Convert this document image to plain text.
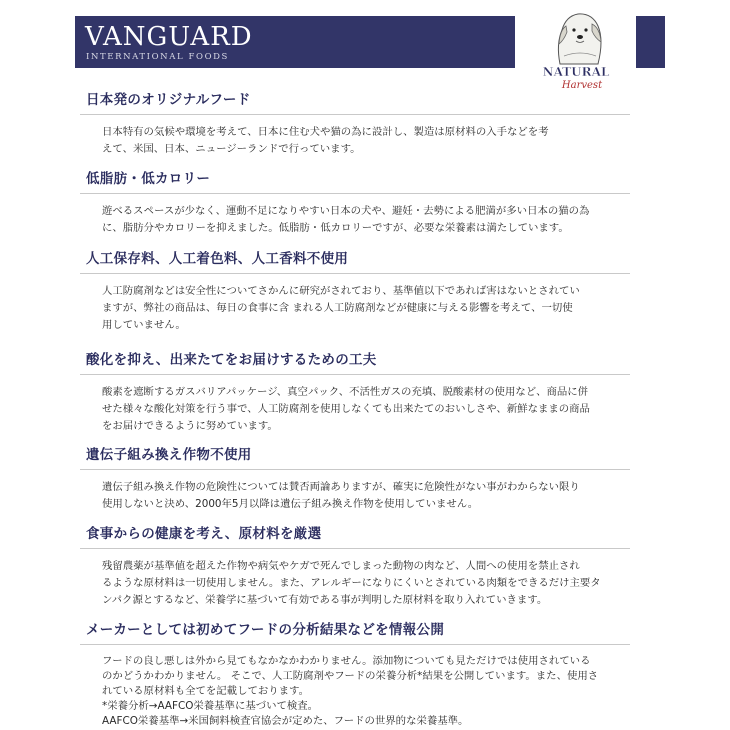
VANGUARD
INTERNATIONAL FOODS
NATURAL
Harvest
日本発のオリジナルフード
日本特有の気候や環境を考えて、日本に住む犬や猫の為に設計し、製造は原材料の入手などを考
えて、米国、日本、ニュージーランドで行っています。
低脂肪・低カロリー
遊べるスペースが少なく、運動不足になりやすい日本の犬や、避妊・去勢による肥満が多い日本の猫の為
に、脂肪分やカロリーを抑えました。低脂肪・低カロリーですが、必要な栄養素は満たしています。
人工保存料、人工着色料、人工香料不使用
人工防腐剤などは安全性についてさかんに研究がされており、基準値以下であれば害はないとされてい
ますが、弊社の商品は、毎日の食事に含 まれる人工防腐剤などが健康に与える影響を考えて、一切使
用していません。
酸化を抑え、出来たてをお届けするための工夫
酸素を遮断するガスバリアパッケージ、真空パック、不活性ガスの充填、脱酸素材の使用など、商品に併
せた様々な酸化対策を行う事で、人工防腐剤を使用しなくても出来たてのおいしさや、新鮮なままの商品
をお届けできるように努めています。
遺伝子組み換え作物不使用
遺伝子組み換え作物の危険性については賛否両論ありますが、確実に危険性がない事がわからない限り
使用しないと決め、2000年5月以降は遺伝子組み換え作物を使用していません。
食事からの健康を考え、原材料を厳選
残留農薬が基準値を超えた作物や病気やケガで死んでしまった動物の肉など、人間への使用を禁止され
るような原材料は一切使用しません。また、アレルギーになりにくいとされている肉類をできるだけ主要タ
ンパク源とするなど、栄養学に基づいて有効である事が判明した原材料を取り入れていきます。
メーカーとしては初めてフードの分析結果などを情報公開
フードの良し悪しは外から見てもなかなかわかりません。添加物についても見ただけでは使用されている
のかどうかわかりません。 そこで、人工防腐剤やフードの栄養分析*結果を公開しています。また、使用さ
れている原材料も全てを記載しております。
*栄養分析→AAFCO栄養基準に基づいて検査。
AAFCO栄養基準→米国飼料検査官協会が定めた、フードの世界的な栄養基準。
